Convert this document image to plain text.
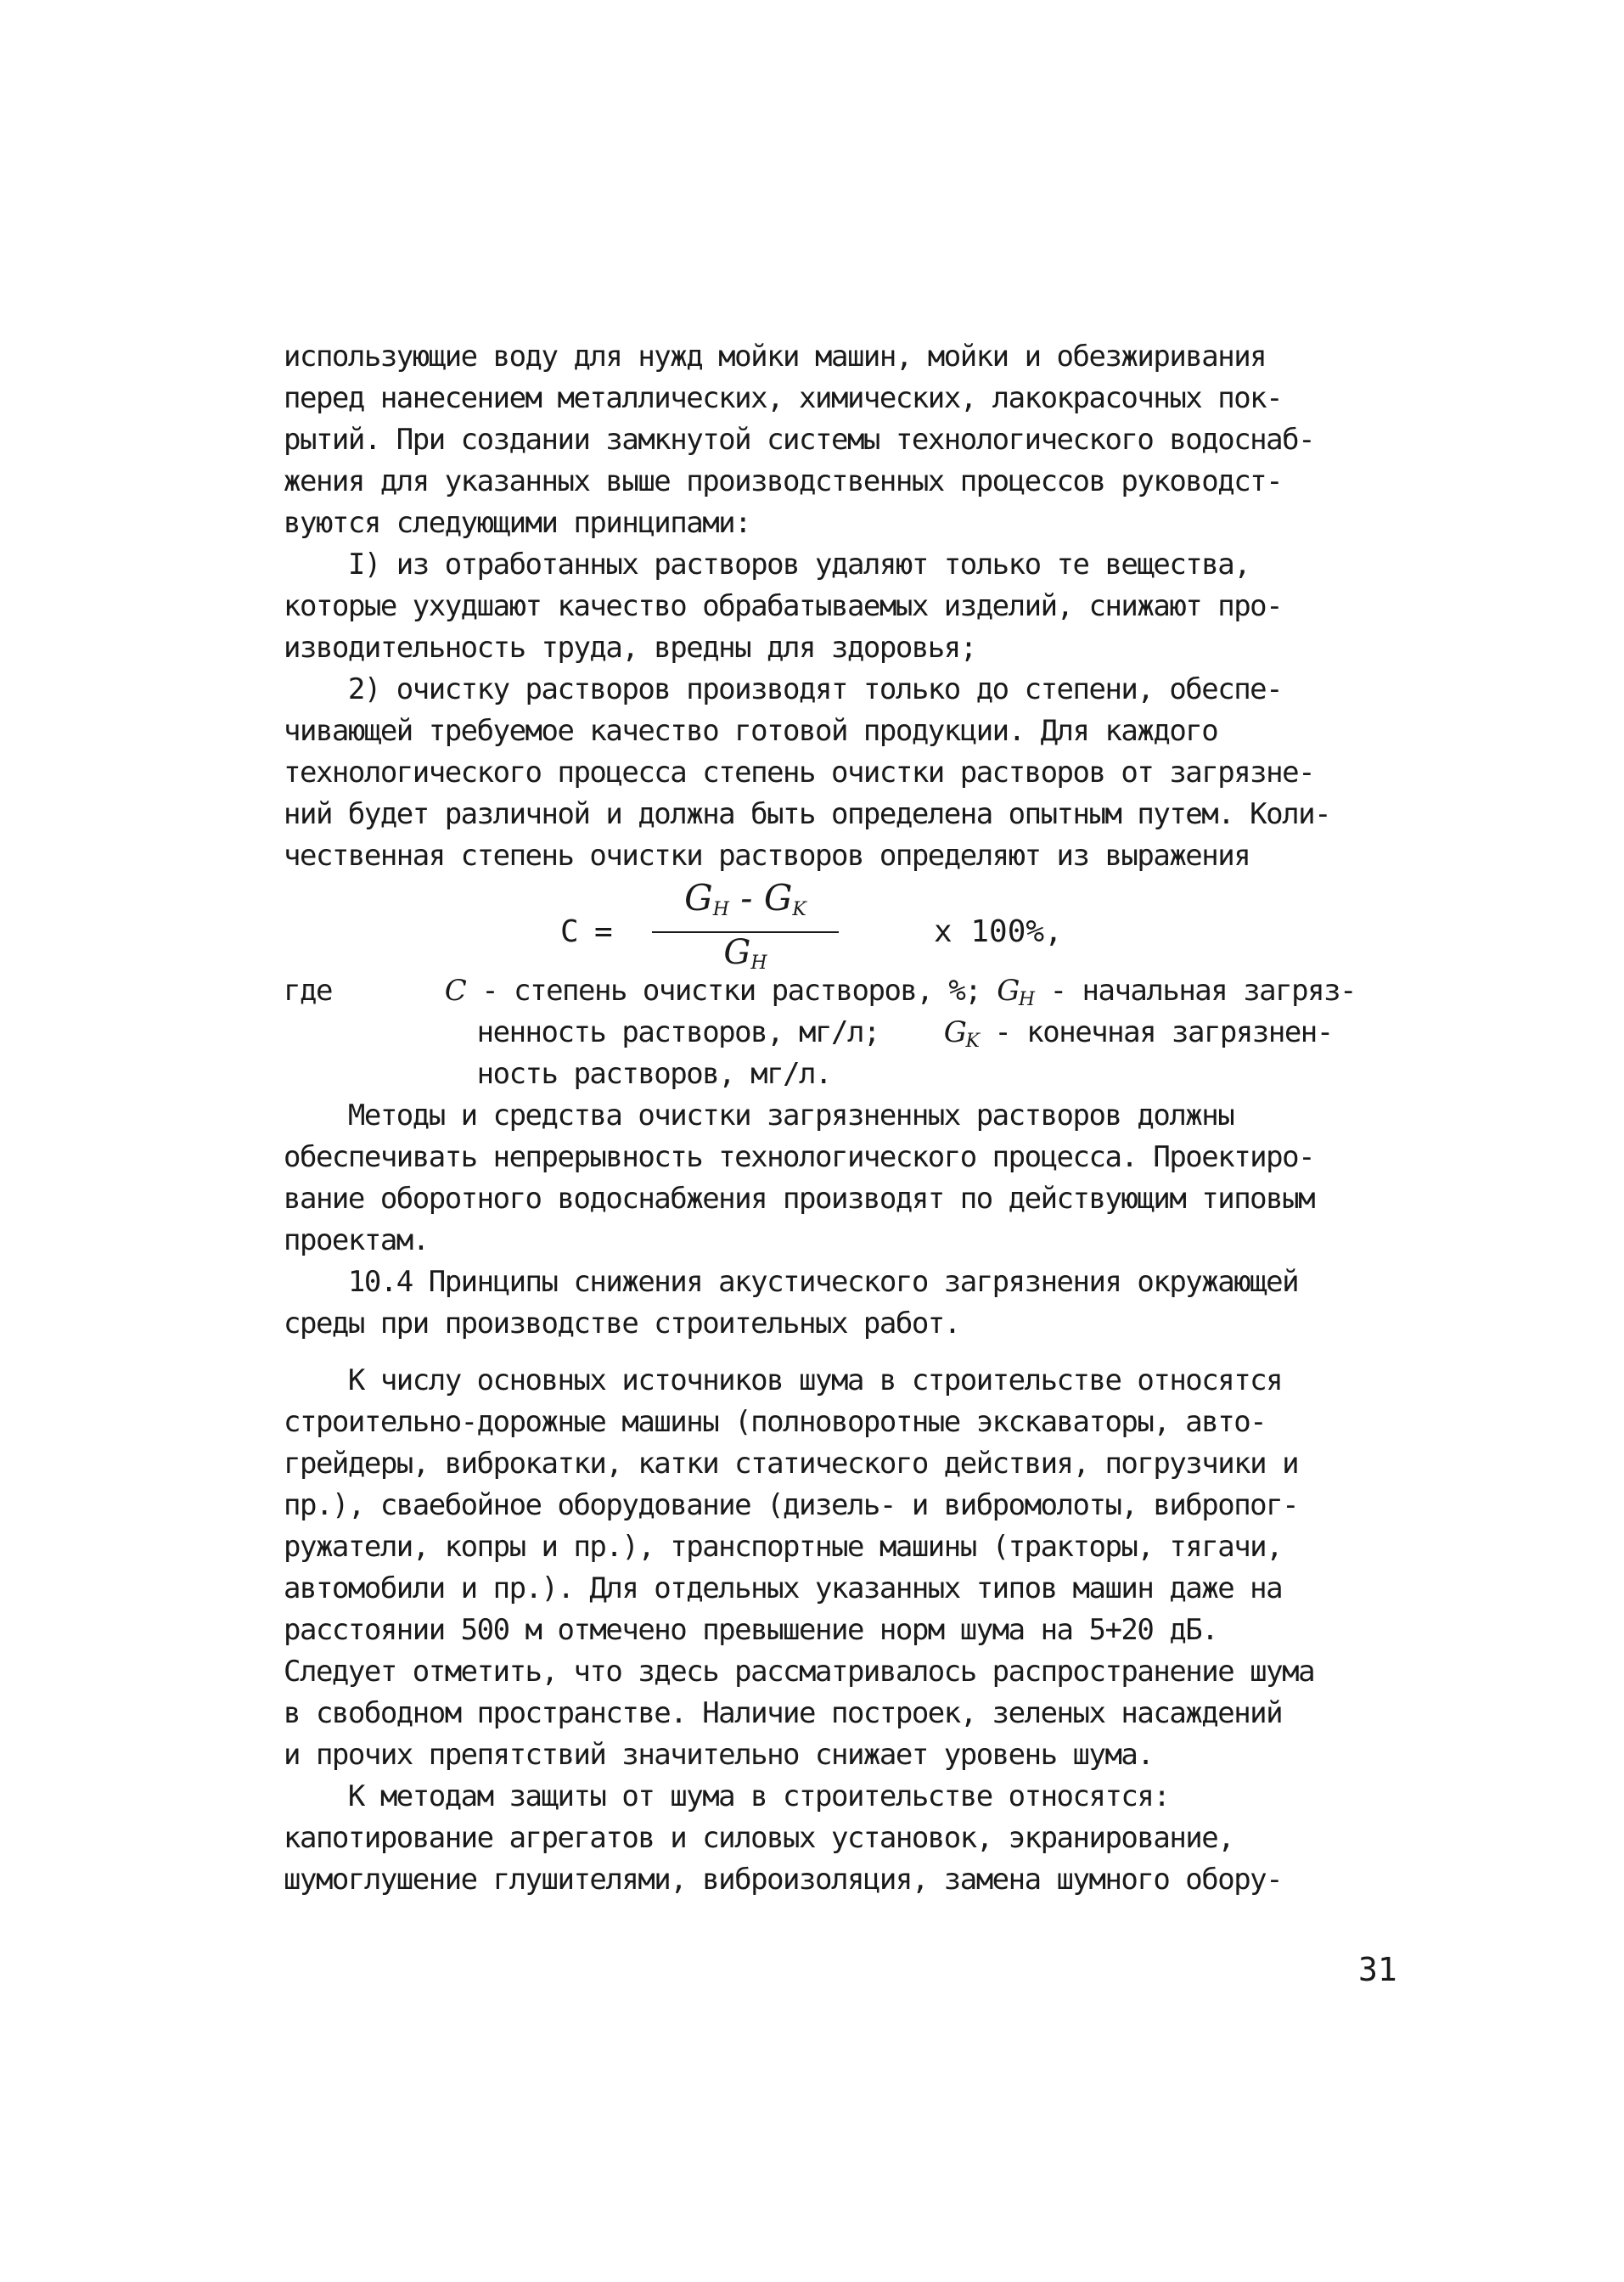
использующие воду для нужд мойки машин, мойки и обезжиривания
перед нанесением металлических, химических, лакокрасочных пок-
рытий. При создании замкнутой системы технологического водоснаб-
жения для указанных выше производственных процессов руководст-
вуются следующими принципами:
I) из отработанных растворов удаляют только те вещества,
которые ухудшают качество обрабатываемых изделий, снижают про-
изводительность труда, вредны для здоровья;
2) очистку растворов производят только до степени, обеспе-
чивающей требуемое качество готовой продукции. Для каждого
технологического процесса степень очистки растворов от загрязне-
ний будет различной и должна быть определена опытным путем. Коли-
чественная степень очистки растворов определяют из выражения
C =
$G_H - G_K$
$G_H$
x 100%,
где	C - степень очистки растворов, %; $G_H$ - начальная загряз-
ненность растворов, мг/л;    $G_K$ - конечная загрязнен-
ность растворов, мг/л.
Методы и средства очистки загрязненных растворов должны
обеспечивать непрерывность технологического процесса. Проектиро-
вание оборотного водоснабжения производят по действующим типовым
проектам.
10.4 Принципы снижения акустического загрязнения окружающей
среды при производстве строительных работ.
К числу основных источников шума в строительстве относятся
строительно-дорожные машины (полноворотные экскаваторы, авто-
грейдеры, виброкатки, катки статического действия, погрузчики и
пр.), сваебойное оборудование (дизель- и вибромолоты, вибропог-
ружатели, копры и пр.), транспортные машины (тракторы, тягачи,
автомобили и пр.). Для отдельных указанных типов машин даже на
расстоянии 500 м отмечено превышение норм шума на 5+20 дБ.
Следует отметить, что здесь рассматривалось распространение шума
в свободном пространстве. Наличие построек, зеленых насаждений
и прочих препятствий значительно снижает уровень шума.
К методам защиты от шума в строительстве относятся:
капотирование агрегатов и силовых установок, экранирование,
шумоглушение глушителями, виброизоляция, замена шумного обору-
31
